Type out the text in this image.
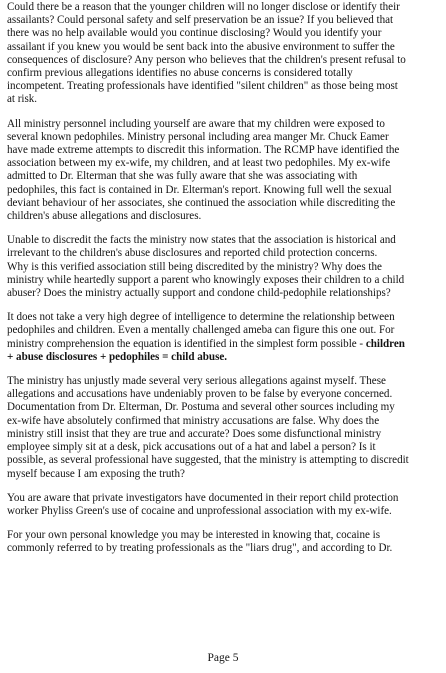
Could there be a reason that the younger children will no longer disclose or identify their
assailants? Could personal safety and self preservation be an issue? If you believed that
there was no help available would you continue disclosing? Would you identify your
assailant if you knew you would be sent back into the abusive environment to suffer the
consequences of disclosure? Any person who believes that the children's present refusal to
confirm previous allegations identifies no abuse concerns is considered totally
incompetent. Treating professionals have identified "silent children" as those being most
at risk.

All ministry personnel including yourself are aware that my children were exposed to
several known pedophiles. Ministry personal including area manger Mr. Chuck Eamer
have made extreme attempts to discredit this information. The RCMP have identified the
association between my ex-wife, my children, and at least two pedophiles. My ex-wife
admitted to Dr. Elterman that she was fully aware that she was associating with
pedophiles, this fact is contained in Dr. Elterman's report. Knowing full well the sexual
deviant behaviour of her associates, she continued the association while discrediting the
children's abuse allegations and disclosures.

Unable to discredit the facts the ministry now states that the association is historical and
irrelevant to the children's abuse disclosures and reported child protection concerns.
Why is this verified association still being discredited by the ministry? Why does the
ministry while heartedly support a parent who knowingly exposes their children to a child
abuser? Does the ministry actually support and condone child-pedophile relationships?

It does not take a very high degree of intelligence to determine the relationship between
pedophiles and children. Even a mentally challenged ameba can figure this one out. For
ministry comprehension the equation is identified in the simplest form possible - children
+ abuse disclosures + pedophiles = child abuse.

The ministry has unjustly made several very serious allegations against myself. These
allegations and accusations have undeniably proven to be false by everyone concerned.
Documentation from Dr. Elterman, Dr. Postuma and several other sources including my
ex-wife have absolutely confirmed that ministry accusations are false. Why does the
ministry still insist that they are true and accurate? Does some disfunctional ministry
employee simply sit at a desk, pick accusations out of a hat and label a person? Is it
possible, as several professional have suggested, that the ministry is attempting to discredit
myself because I am exposing the truth?

You are aware that private investigators have documented in their report child protection
worker Phyliss Green's use of cocaine and unprofessional association with my ex-wife.

For your own personal knowledge you may be interested in knowing that, cocaine is
commonly referred to by treating professionals as the "liars drug", and according to Dr.

Page 5
